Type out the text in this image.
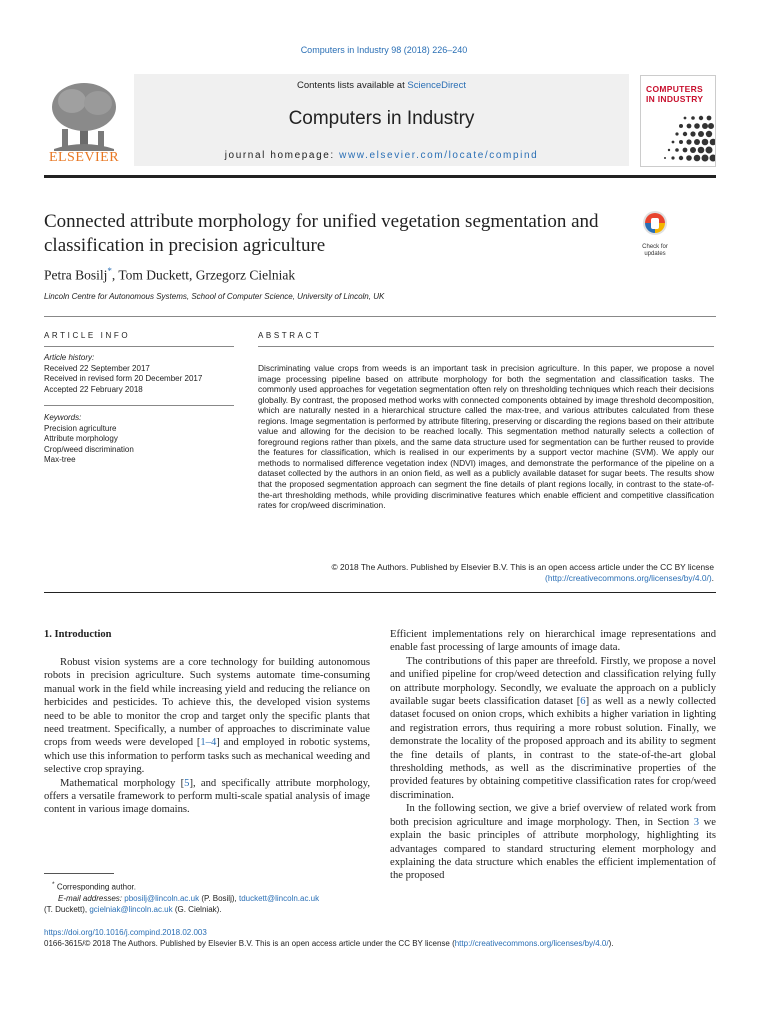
Computers in Industry 98 (2018) 226–240
ELSEVIER
Contents lists available at ScienceDirect
Computers in Industry
journal homepage: www.elsevier.com/locate/compind
COMPUTERS IN INDUSTRY
Connected attribute morphology for unified vegetation segmentation and classification in precision agriculture	Check for
updates
Petra Bosilj*, Tom Duckett, Grzegorz Cielniak
Lincoln Centre for Autonomous Systems, School of Computer Science, University of Lincoln, UK
ARTICLE INFO
Article history:
Received 22 September 2017
Received in revised form 20 December 2017
Accepted 22 February 2018
Keywords:
Precision agriculture
Attribute morphology
Crop/weed discrimination
Max-tree
ABSTRACT
Discriminating value crops from weeds is an important task in precision agriculture. In this paper, we propose a novel image processing pipeline based on attribute morphology for both the segmentation and classification tasks. The commonly used approaches for vegetation segmentation often rely on thresholding techniques which reach their decisions globally. By contrast, the proposed method works with connected components obtained by image threshold decomposition, which are naturally nested in a hierarchical structure called the max-tree, and various attributes calculated from these regions. Image segmentation is performed by attribute filtering, preserving or discarding the regions based on their attribute value and allowing for the decision to be reached locally. This segmentation method naturally selects a collection of foreground regions rather than pixels, and the same data structure used for segmentation can be further reused to provide the features for classification, which is realised in our experiments by a support vector machine (SVM). We apply our methods to normalised difference vegetation index (NDVI) images, and demonstrate the performance of the pipeline on a dataset collected by the authors in an onion field, as well as a publicly available dataset for sugar beets. The results show that the proposed segmentation approach can segment the fine details of plant regions locally, in contrast to the state-of-the-art thresholding methods, while providing discriminative features which enable efficient and competitive classification rates for crop/weed discrimination.
© 2018 The Authors. Published by Elsevier B.V. This is an open access article under the CC BY license
(http://creativecommons.org/licenses/by/4.0/).
1. Introduction

Robust vision systems are a core technology for building autonomous robots in precision agriculture. Such systems automate time-consuming manual work in the field while increasing yield and reducing the reliance on herbicides and pesticides. To achieve this, the developed vision systems need to be able to monitor the crop and target only the specific plants that need treatment. Specifically, a number of approaches to discriminate value crops from weeds were developed [1–4] and employed in robotic systems, which use this information to perform tasks such as mechanical weeding and selective crop spraying.

Mathematical morphology [5], and specifically attribute morphology, offers a versatile framework to perform multi-scale spatial analysis of image content in various image domains.

Efficient implementations rely on hierarchical image representations and enable fast processing of large amounts of image data.

The contributions of this paper are threefold. Firstly, we propose a novel and unified pipeline for crop/weed detection and classification relying fully on attribute morphology. Secondly, we evaluate the approach on a publicly available sugar beets classification dataset [6] as well as a newly collected dataset focused on onion crops, which exhibits a higher variation in lighting and registration errors, thus requiring a more robust solution. Finally, we demonstrate the locality of the proposed approach and its ability to segment the fine details of plants, in contrast to the state-of-the-art global thresholding methods, as well as the discriminative properties of the provided features by obtaining competitive classification rates for crop/weed discrimination.

In the following section, we give a brief overview of related work from both precision agriculture and image morphology. Then, in Section 3 we explain the basic principles of attribute morphology, highlighting its advantages compared to standard structuring element morphology and explaining the data structure which enables the efficient implementation of the proposed

* Corresponding author.
E-mail addresses: pbosilj@lincoln.ac.uk (P. Bosilj), tduckett@lincoln.ac.uk
(T. Duckett), gcielniak@lincoln.ac.uk (G. Cielniak).
https://doi.org/10.1016/j.compind.2018.02.003
0166-3615/© 2018 The Authors. Published by Elsevier B.V. This is an open access article under the CC BY license (http://creativecommons.org/licenses/by/4.0/).
